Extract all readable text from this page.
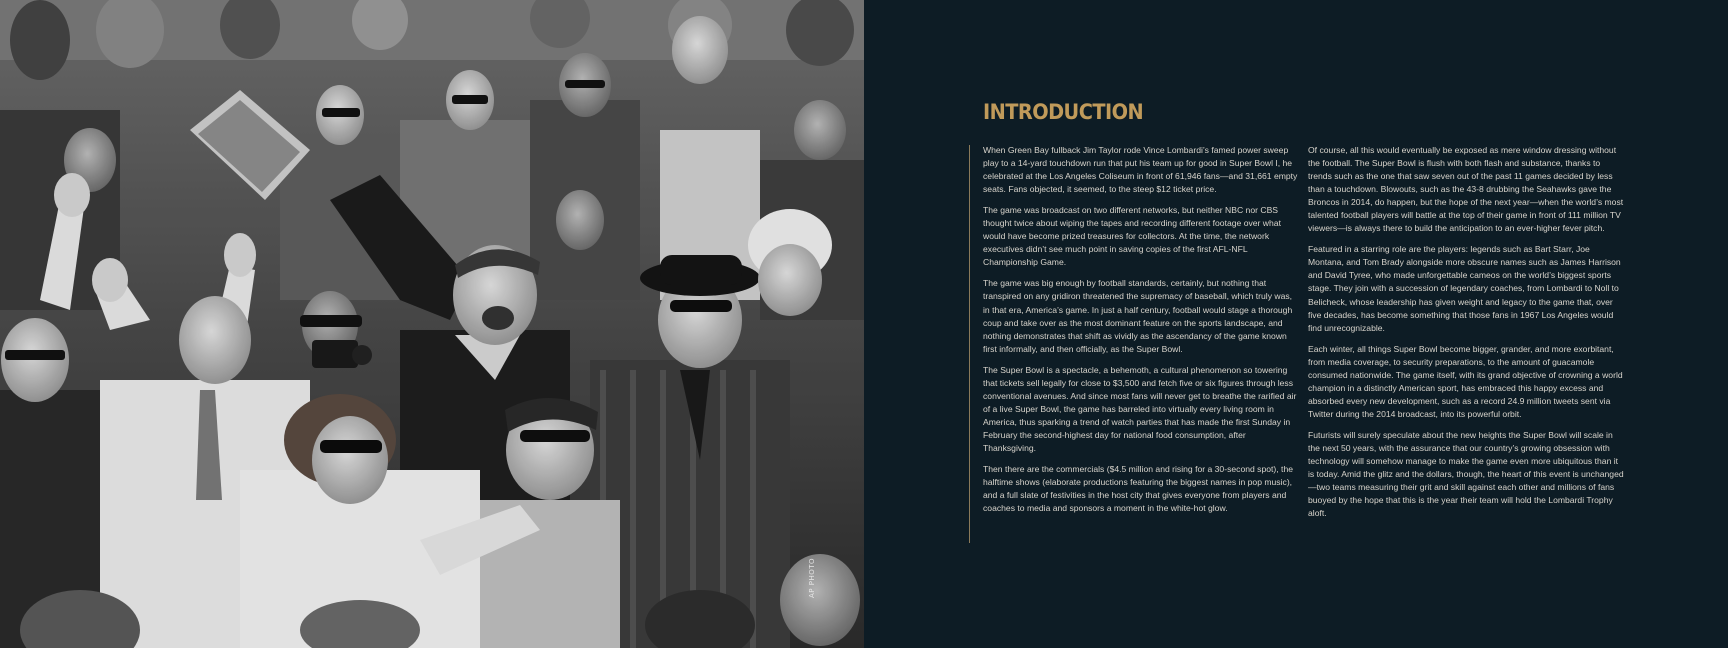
AP PHOTO
INTRODUCTION

When Green Bay fullback Jim Taylor rode Vince Lombardi’s famed power sweep play to a 14-yard touchdown run that put his team up for good in Super Bowl I, he celebrated at the Los Angeles Coliseum in front of 61,946 fans—and 31,661 empty seats. Fans objected, it seemed, to the steep $12 ticket price.

The game was broadcast on two different networks, but neither NBC nor CBS thought twice about wiping the tapes and recording different footage over what would have become prized treasures for collectors. At the time, the network executives didn’t see much point in saving copies of the first AFL-NFL Championship Game.

The game was big enough by football standards, certainly, but nothing that transpired on any gridiron threatened the supremacy of baseball, which truly was, in that era, America’s game. In just a half century, football would stage a thorough coup and take over as the most dominant feature on the sports landscape, and nothing demonstrates that shift as vividly as the ascendancy of the game known first informally, and then officially, as the Super Bowl.

The Super Bowl is a spectacle, a behemoth, a cultural phenomenon so towering that tickets sell legally for close to $3,500 and fetch five or six figures through less conventional avenues. And since most fans will never get to breathe the rarified air of a live Super Bowl, the game has barreled into virtually every living room in America, thus sparking a trend of watch parties that has made the first Sunday in February the second-highest day for national food consumption, after Thanksgiving.

Then there are the commercials ($4.5 million and rising for a 30-second spot), the halftime shows (elaborate productions featuring the biggest names in pop music), and a full slate of festivities in the host city that gives everyone from players and coaches to media and sponsors a moment in the white-hot glow.

Of course, all this would eventually be exposed as mere window dressing without the football. The Super Bowl is flush with both flash and substance, thanks to trends such as the one that saw seven out of the past 11 games decided by less than a touchdown. Blowouts, such as the 43-8 drubbing the Seahawks gave the Broncos in 2014, do happen, but the hope of the next year—when the world’s most talented football players will battle at the top of their game in front of 111 million TV viewers—is always there to build the anticipation to an ever-higher fever pitch.

Featured in a starring role are the players: legends such as Bart Starr, Joe Montana, and Tom Brady alongside more obscure names such as James Harrison and David Tyree, who made unforgettable cameos on the world’s biggest sports stage. They join with a succession of legendary coaches, from Lombardi to Noll to Belicheck, whose leadership has given weight and legacy to the game that, over five decades, has become something that those fans in 1967 Los Angeles would find unrecognizable.

Each winter, all things Super Bowl become bigger, grander, and more exorbitant, from media coverage, to security preparations, to the amount of guacamole consumed nationwide. The game itself, with its grand objective of crowning a world champion in a distinctly American sport, has embraced this happy excess and absorbed every new development, such as a record 24.9 million tweets sent via Twitter during the 2014 broadcast, into its powerful orbit.

Futurists will surely speculate about the new heights the Super Bowl will scale in the next 50 years, with the assurance that our country’s growing obsession with technology will somehow manage to make the game even more ubiquitous than it is today. Amid the glitz and the dollars, though, the heart of this event is unchanged—two teams measuring their grit and skill against each other and millions of fans buoyed by the hope that this is the year their team will hold the Lombardi Trophy aloft.
